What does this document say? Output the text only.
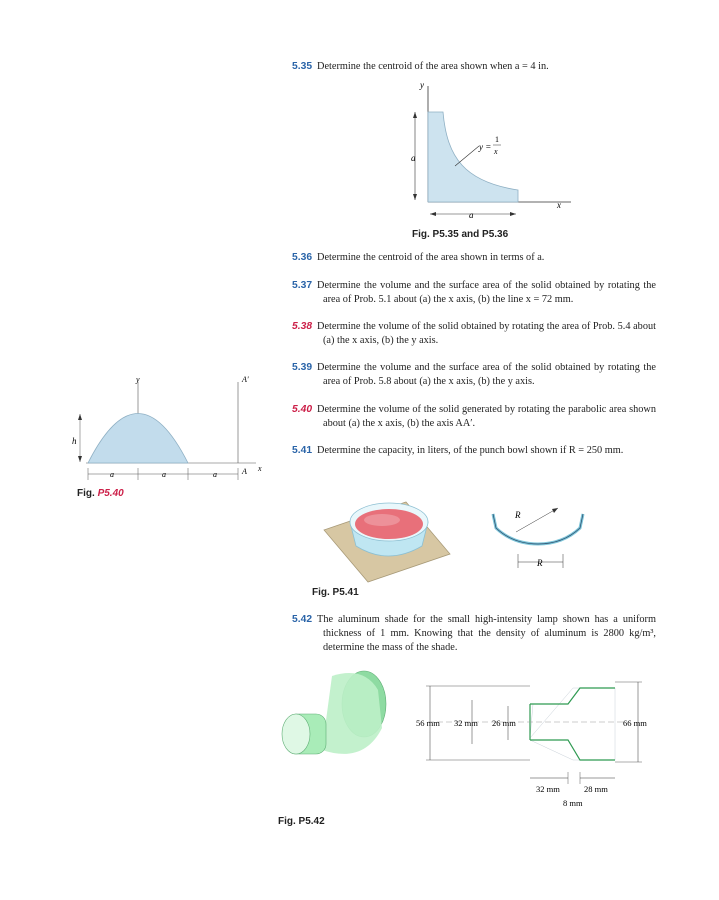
5.35 Determine the centroid of the area shown when a = 4 in.
y
x
a
a
y =
1
x
Fig. P5.35 and P5.36
5.36 Determine the centroid of the area shown in terms of a.
5.37 Determine the volume and the surface area of the solid obtained by rotating the area of Prob. 5.1 about (a) the x axis, (b) the line x = 72 mm.
5.38 Determine the volume of the solid obtained by rotating the area of Prob. 5.4 about (a) the x axis, (b) the y axis.
5.39 Determine the volume and the surface area of the solid obtained by rotating the area of Prob. 5.8 about (a) the x axis, (b) the y axis.
5.40 Determine the volume of the solid generated by rotating the parabolic area shown about (a) the x axis, (b) the axis AA′.
5.41 Determine the capacity, in liters, of the punch bowl shown if R = 250 mm.
y	A′
A x
h
a	a	a
Fig. P5.40
R
R
Fig. P5.41
5.42 The aluminum shade for the small high-intensity lamp shown has a uniform thickness of 1 mm. Knowing that the density of aluminum is 2800 kg/m³, determine the mass of the shade.
56 mm 32 mm 26 mm	66 mm
32 mm	28 mm
8 mm
Fig. P5.42
